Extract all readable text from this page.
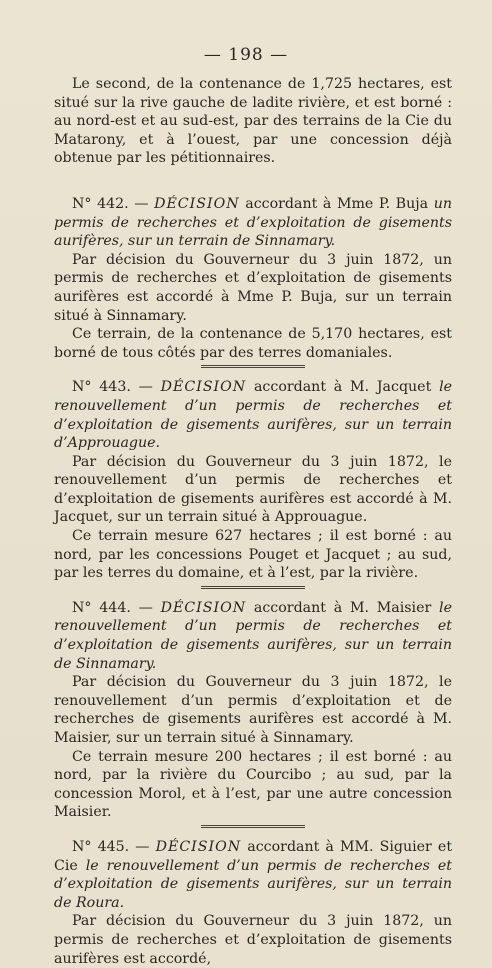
— 198 —

Le second, de la contenance de 1,725 hectares, est situé sur la rive gauche de ladite rivière, et est borné : au nord-est et au sud-est, par des terrains de la Cie du Matarony, et à l’ouest, par une concession déjà obtenue par les pétitionnaires.

N° 442. — DÉCISION accordant à Mme P. Buja un permis de recherches et d’exploitation de gisements aurifères, sur un terrain de Sinnamary.

Par décision du Gouverneur du 3 juin 1872, un permis de recherches et d’exploitation de gisements aurifères est accordé à Mme P. Buja, sur un terrain situé à Sinnamary.

Ce terrain, de la contenance de 5,170 hectares, est borné de tous côtés par des terres domaniales.

N° 443. — DÉCISION accordant à M. Jacquet le renouvellement d’un permis de recherches et d’exploitation de gisements aurifères, sur un terrain d’Approuague.

Par décision du Gouverneur du 3 juin 1872, le renouvellement d’un permis de recherches et d’exploitation de gisements aurifères est accordé à M. Jacquet, sur un terrain situé à Approuague.

Ce terrain mesure 627 hectares ; il est borné : au nord, par les concessions Pouget et Jacquet ; au sud, par les terres du domaine, et à l’est, par la rivière.

N° 444. — DÉCISION accordant à M. Maisier le renouvellement d’un permis de recherches et d’exploitation de gisements aurifères, sur un terrain de Sinnamary.

Par décision du Gouverneur du 3 juin 1872, le renouvellement d’un permis d’exploitation et de recherches de gisements aurifères est accordé à M. Maisier, sur un terrain situé à Sinnamary.

Ce terrain mesure 200 hectares ; il est borné : au nord, par la rivière du Courcibo ; au sud, par la concession Morol, et à l’est, par une autre concession Maisier.

N° 445. — DÉCISION accordant à MM. Siguier et Cie le renouvellement d’un permis de recherches et d’exploitation de gisements aurifères, sur un terrain de Roura.

Par décision du Gouverneur du 3 juin 1872, un permis de recherches et d’exploitation de gisements aurifères est accordé,
